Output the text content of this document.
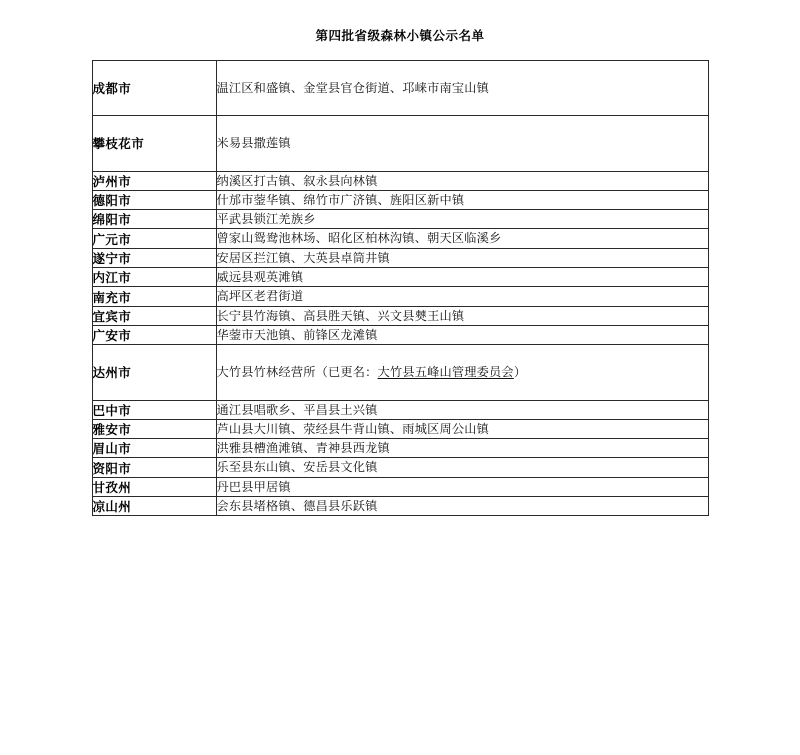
第四批省级森林小镇公示名单
成都市	温江区和盛镇、金堂县官仓街道、邛崃市南宝山镇
攀枝花市	米易县撒莲镇
泸州市	纳溪区打古镇、叙永县向林镇
德阳市	什邡市蓥华镇、绵竹市广济镇、旌阳区新中镇
绵阳市	平武县锁江羌族乡
广元市	曾家山鸳鸯池林场、昭化区柏林沟镇、朝天区临溪乡
遂宁市	安居区拦江镇、大英县卓筒井镇
内江市	威远县观英滩镇
南充市	高坪区老君街道
宜宾市	长宁县竹海镇、高县胜天镇、兴文县僰王山镇
广安市	华蓥市天池镇、前锋区龙滩镇
达州市	大竹县竹林经营所（已更名：大竹县五峰山管理委员会）
巴中市	通江县唱歌乡、平昌县土兴镇
雅安市	芦山县大川镇、荥经县牛背山镇、雨城区周公山镇
眉山市	洪雅县槽渔滩镇、青神县西龙镇
资阳市	乐至县东山镇、安岳县文化镇
甘孜州	丹巴县甲居镇
凉山州	会东县堵格镇、德昌县乐跃镇
